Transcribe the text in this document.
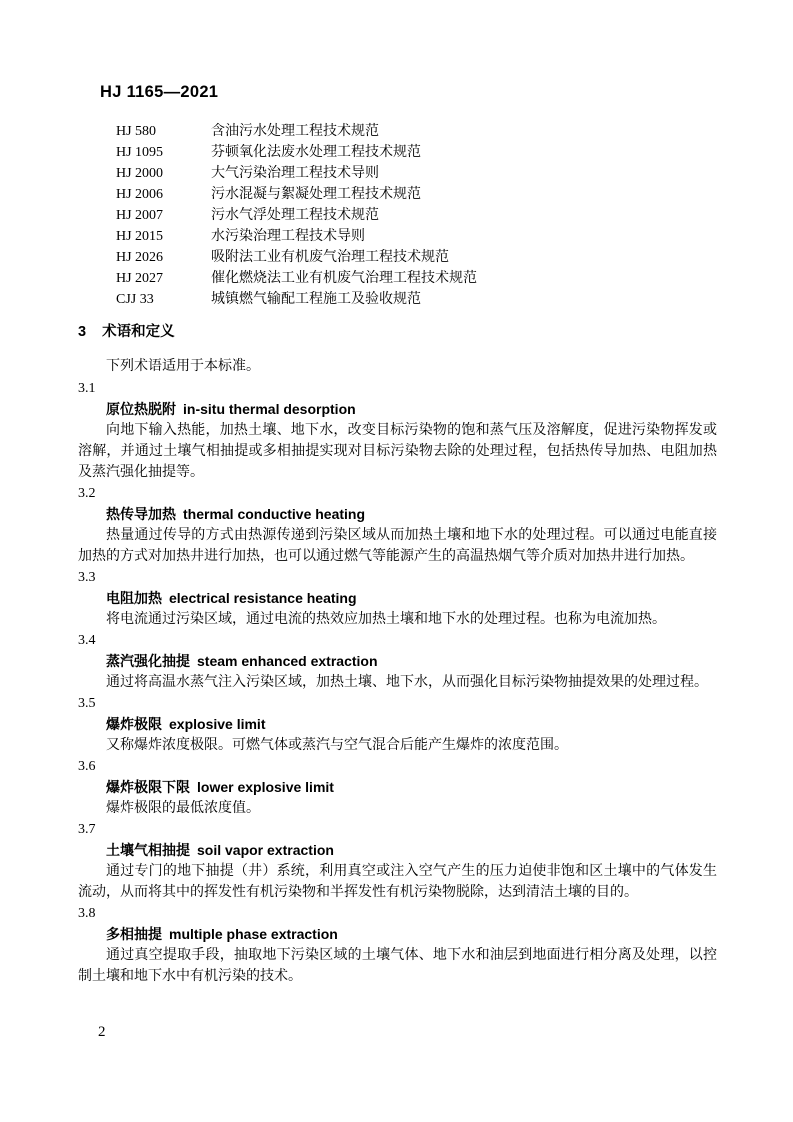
HJ 1165—2021
HJ 580	含油污水处理工程技术规范
HJ 1095	芬顿氧化法废水处理工程技术规范
HJ 2000	大气污染治理工程技术导则
HJ 2006	污水混凝与絮凝处理工程技术规范
HJ 2007	污水气浮处理工程技术规范
HJ 2015	水污染治理工程技术导则
HJ 2026	吸附法工业有机废气治理工程技术规范
HJ 2027	催化燃烧法工业有机废气治理工程技术规范
CJJ 33	城镇燃气输配工程施工及验收规范
3 术语和定义

下列术语适用于本标准。

3.1
原位热脱附 in-situ thermal desorption

向地下输入热能，加热土壤、地下水，改变目标污染物的饱和蒸气压及溶解度，促进污染物挥发或溶解，并通过土壤气相抽提或多相抽提实现对目标污染物去除的处理过程，包括热传导加热、电阻加热及蒸汽强化抽提等。

3.2
热传导加热 thermal conductive heating

热量通过传导的方式由热源传递到污染区域从而加热土壤和地下水的处理过程。可以通过电能直接加热的方式对加热井进行加热，也可以通过燃气等能源产生的高温热烟气等介质对加热井进行加热。

3.3
电阻加热 electrical resistance heating

将电流通过污染区域，通过电流的热效应加热土壤和地下水的处理过程。也称为电流加热。

3.4
蒸汽强化抽提 steam enhanced extraction

通过将高温水蒸气注入污染区域，加热土壤、地下水，从而强化目标污染物抽提效果的处理过程。

3.5
爆炸极限 explosive limit

又称爆炸浓度极限。可燃气体或蒸汽与空气混合后能产生爆炸的浓度范围。

3.6
爆炸极限下限 lower explosive limit

爆炸极限的最低浓度值。

3.7
土壤气相抽提 soil vapor extraction

通过专门的地下抽提（井）系统，利用真空或注入空气产生的压力迫使非饱和区土壤中的气体发生流动，从而将其中的挥发性有机污染物和半挥发性有机污染物脱除，达到清洁土壤的目的。

3.8
多相抽提 multiple phase extraction

通过真空提取手段，抽取地下污染区域的土壤气体、地下水和油层到地面进行相分离及处理，以控制土壤和地下水中有机污染的技术。

2
